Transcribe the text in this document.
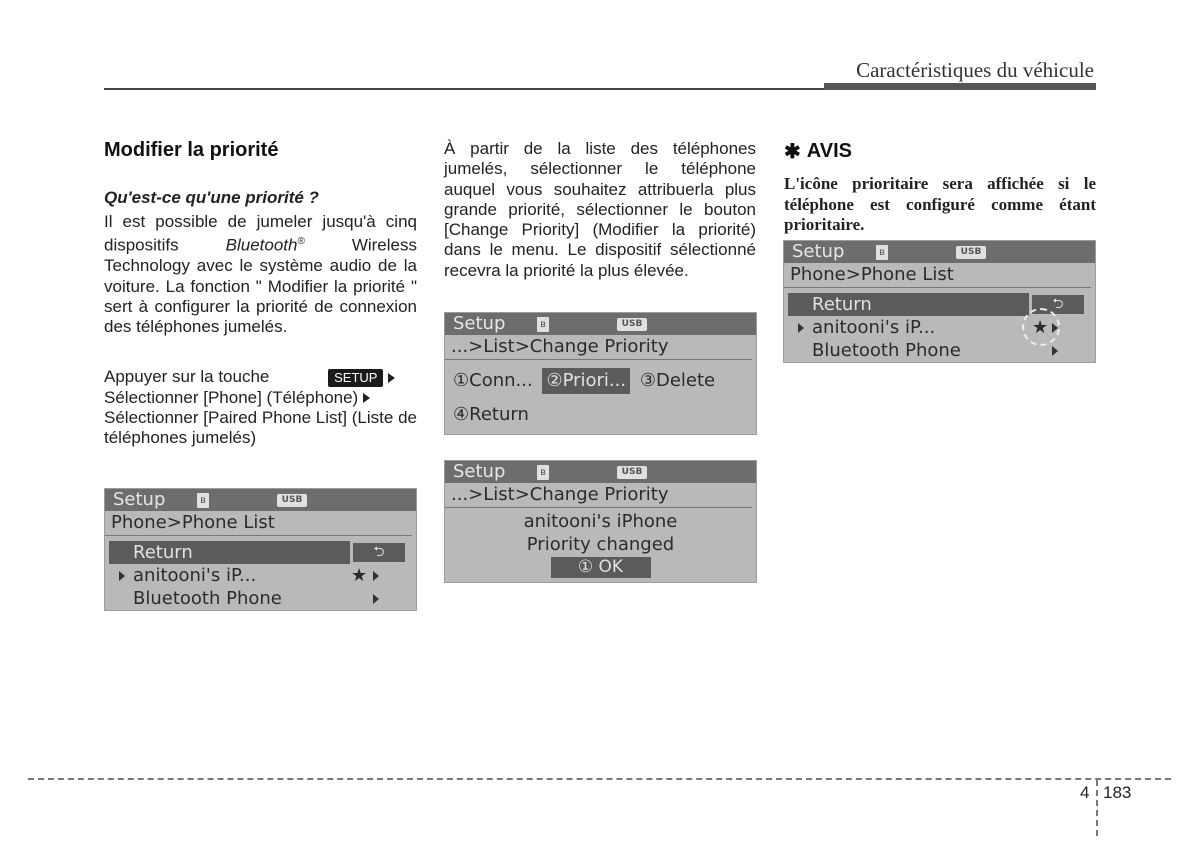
Caractéristiques du véhicule
Modifier la priorité
Qu'est-ce qu'une priorité ?

Il est possible de jumeler jusqu'à cinq dispositifs Bluetooth® Wireless Technology avec le système audio de la voiture. La fonction " Modifier la priorité " sert à configurer la priorité de connexion des téléphones jumelés.

Appuyer sur la touche	SETUP
Sélectionner [Phone] (Téléphone)
Sélectionner [Paired Phone List] (Liste de téléphones jumelés)

À partir de la liste des téléphones jumelés, sélectionner le téléphone auquel vous souhaitez attribuerla plus grande priorité, sélectionner le bouton [Change Priority] (Modifier la priorité) dans le menu. Le dispositif sélectionné recevra la priorité la plus élevée.

✱ AVIS

L'icône prioritaire sera affichée si le téléphone est configuré comme étant prioritaire.

Setup	ʙ	USB
Phone>Phone List
Return	⮌
anitooni's iP...	★
Bluetooth Phone
Setup	ʙ	USB
...>List>Change Priority
①Conn... ②Priori... ③Delete
④Return
Setup	ʙ	USB
...>List>Change Priority
anitooni's iPhone
Priority changed
① OK
Setup	ʙ	USB
Phone>Phone List
Return	⮌
anitooni's iP...	★
Bluetooth Phone
4 183
